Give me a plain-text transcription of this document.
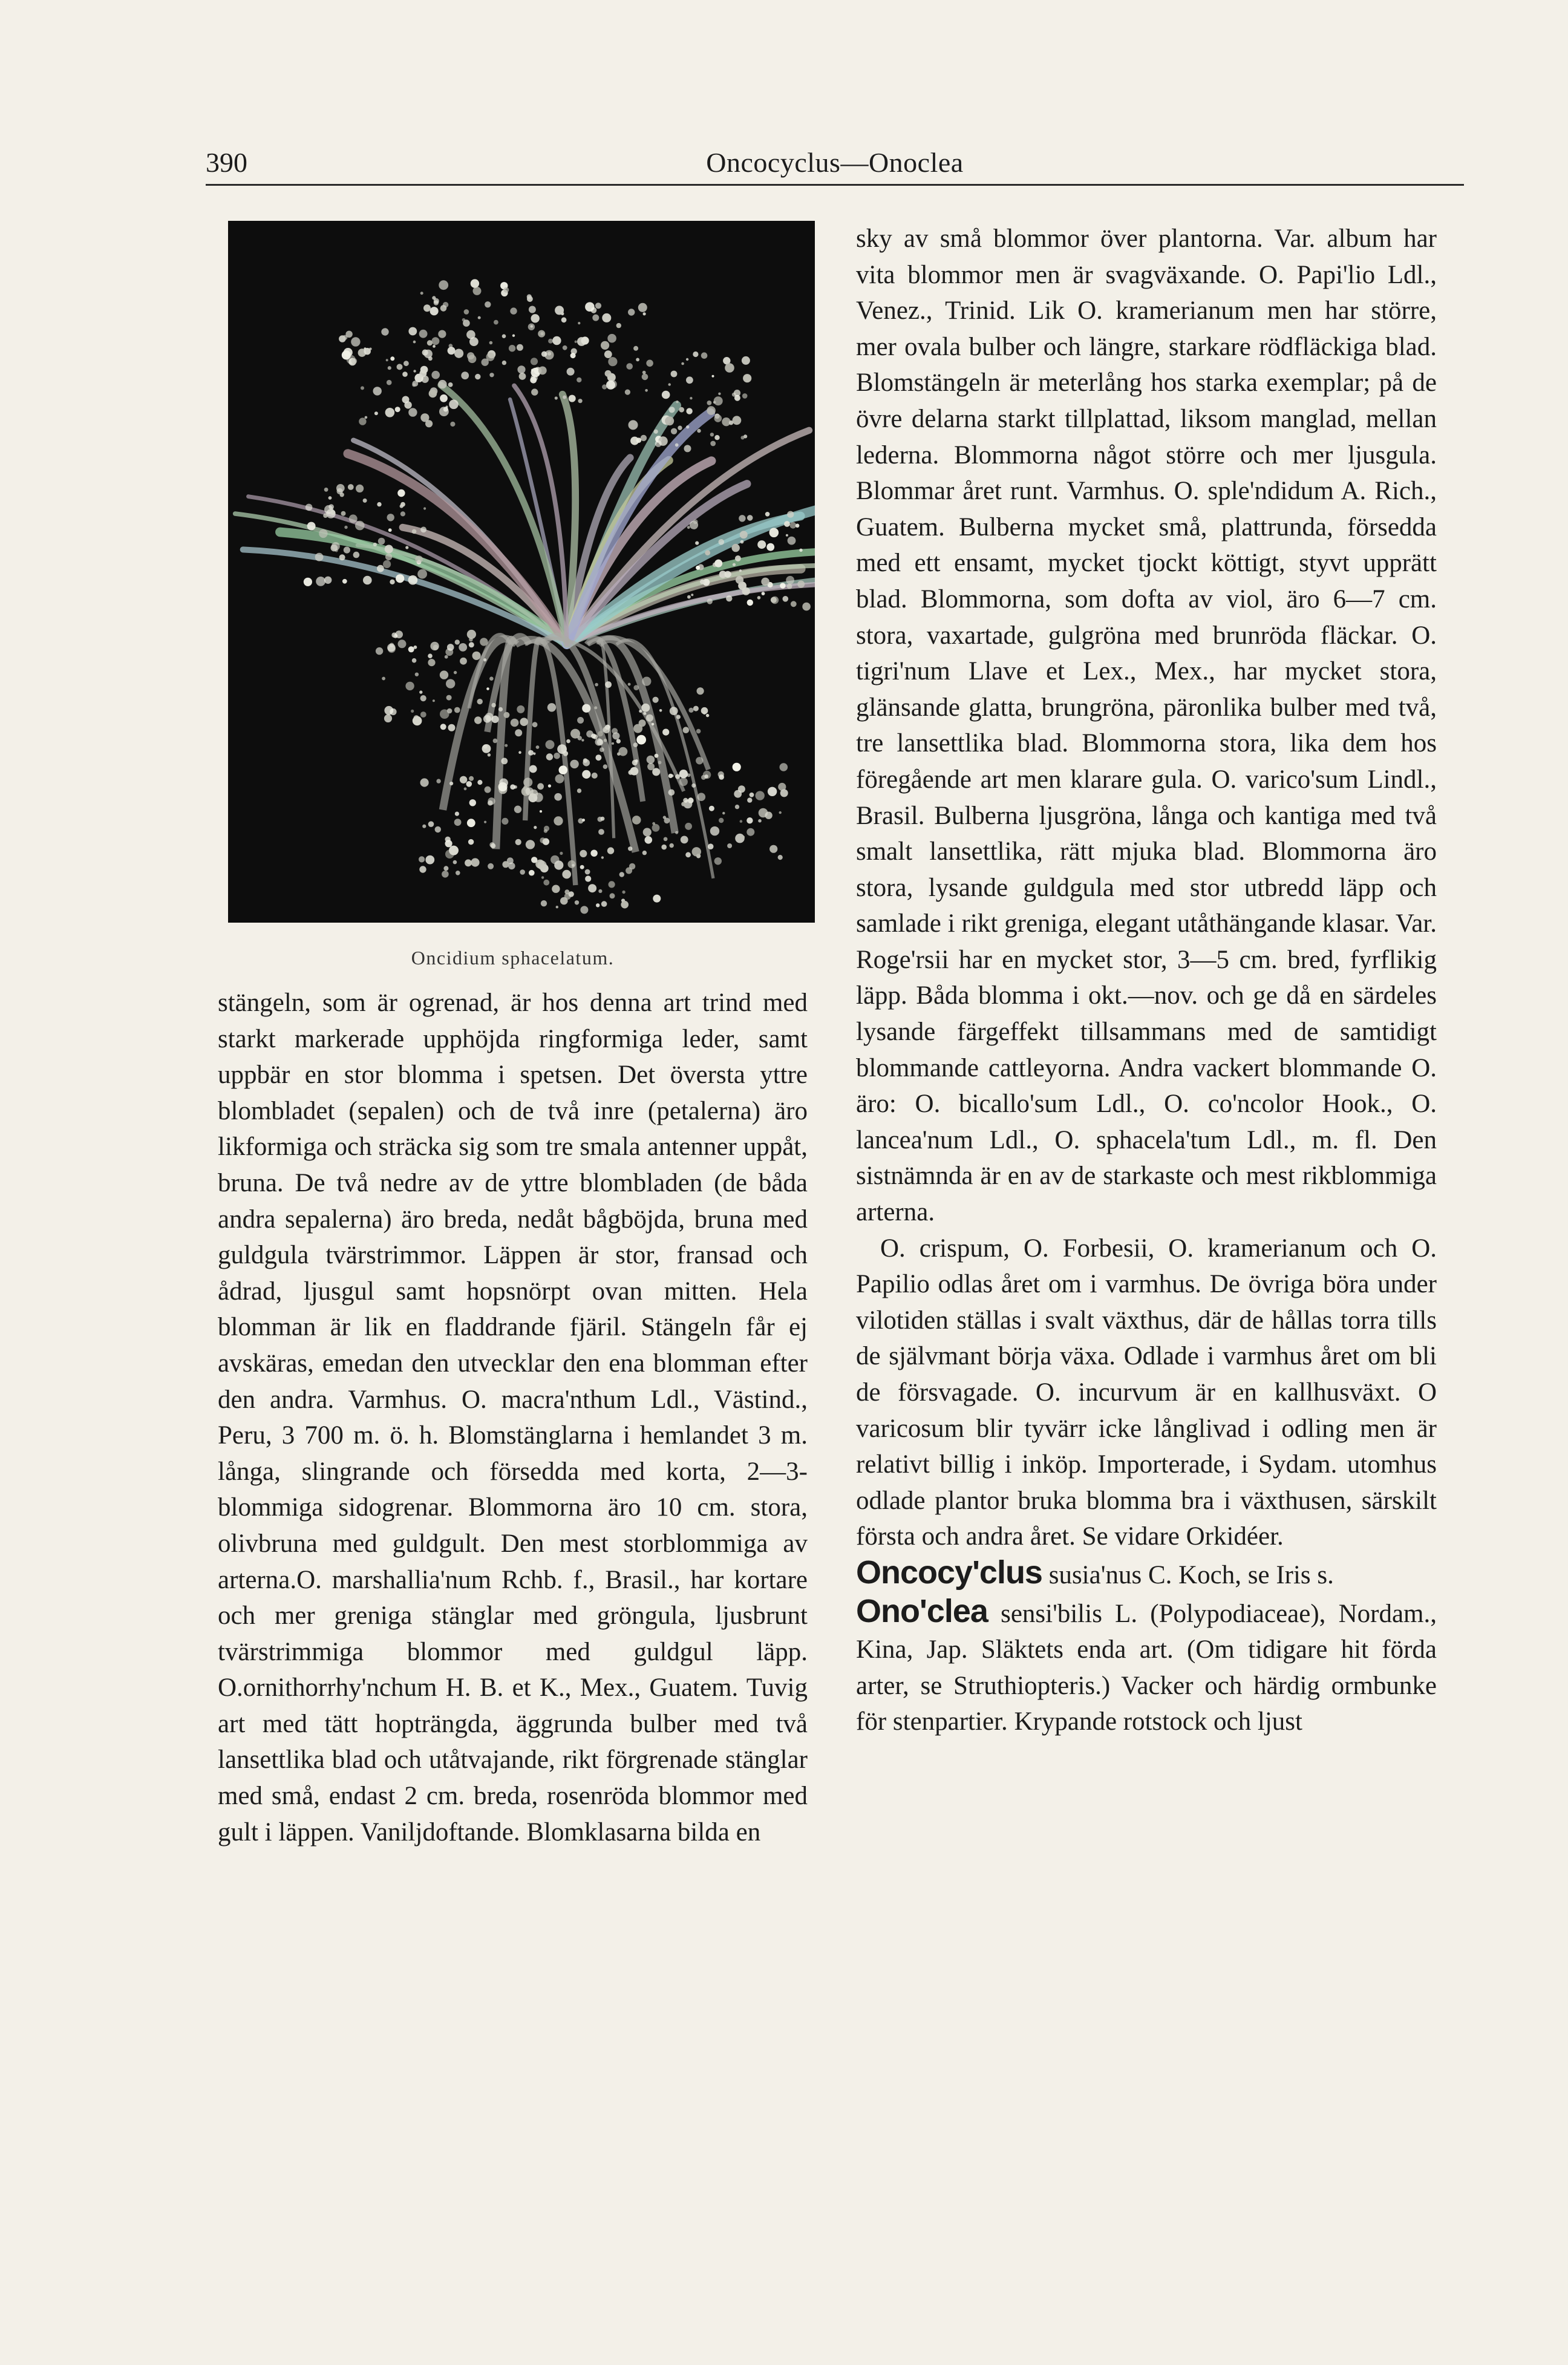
390	Oncocyclus—Onoclea
Oncidium sphacelatum.

stängeln, som är ogrenad, är hos denna art trind med starkt markerade upphöjda ringformiga leder, samt uppbär en stor blomma i spetsen. Det översta yttre blombladet (sepalen) och de två inre (petalerna) äro likformiga och sträcka sig som tre smala antenner uppåt, bruna. De två nedre av de yttre blombladen (de båda andra sepalerna) äro breda, nedåt bågböjda, bruna med guldgula tvärstrimmor. Läppen är stor, fransad och ådrad, ljusgul samt hopsnörpt ovan mitten. Hela blomman är lik en fladdrande fjäril. Stängeln får ej avskäras, emedan den utvecklar den ena blomman efter den andra. Varmhus. O. macra'nthum Ldl., Västind., Peru, 3 700 m. ö. h. Blomstänglarna i hemlandet 3 m. långa, slingrande och försedda med korta, 2—3-blommiga sidogrenar. Blommorna äro 10 cm. stora, olivbruna med guldgult. Den mest storblommiga av arterna.O. marshallia'num Rchb. f., Brasil., har kortare och mer greniga stänglar med gröngula, ljusbrunt tvärstrimmiga blommor med guldgul läpp. O.ornithorrhy'nchum H. B. et K., Mex., Guatem. Tuvig art med tätt hopträngda, äggrunda bulber med två lansettlika blad och utåtvajande, rikt förgrenade stänglar med små, endast 2 cm. breda, rosenröda blommor med gult i läppen. Vaniljdoftande. Blomklasarna bilda en

sky av små blommor över plantorna. Var. album har vita blommor men är svagväxande. O. Papi'lio Ldl., Venez., Trinid. Lik O. kramerianum men har större, mer ovala bulber och längre, starkare rödfläckiga blad. Blomstängeln är meterlång hos starka exemplar; på de övre delarna starkt tillplattad, liksom manglad, mellan lederna. Blommorna något större och mer ljusgula. Blommar året runt. Varmhus. O. sple'ndidum A. Rich., Guatem. Bulberna mycket små, plattrunda, försedda med ett ensamt, mycket tjockt köttigt, styvt upprätt blad. Blommorna, som dofta av viol, äro 6—7 cm. stora, vaxartade, gulgröna med brunröda fläckar. O. tigri'num Llave et Lex., Mex., har mycket stora, glänsande glatta, brungröna, päronlika bulber med två, tre lansettlika blad. Blommorna stora, lika dem hos föregående art men klarare gula. O. varico'sum Lindl., Brasil. Bulberna ljusgröna, långa och kantiga med två smalt lansettlika, rätt mjuka blad. Blommorna äro stora, lysande guldgula med stor utbredd läpp och samlade i rikt greniga, elegant utåthängande klasar. Var. Roge'rsii har en mycket stor, 3—5 cm. bred, fyrflikig läpp. Båda blomma i okt.—nov. och ge då en särdeles lysande färgeffekt tillsammans med de samtidigt blommande cattleyorna. Andra vackert blommande O. äro: O. bicallo'sum Ldl., O. co'ncolor Hook., O. lancea'num Ldl., O. sphacela'tum Ldl., m. fl. Den sistnämnda är en av de starkaste och mest rikblommiga arterna.

O. crispum, O. Forbesii, O. kramerianum och O. Papilio odlas året om i varmhus. De övriga böra under vilotiden ställas i svalt växthus, där de hållas torra tills de självmant börja växa. Odlade i varmhus året om bli de försvagade. O. incurvum är en kallhusväxt. O varicosum blir tyvärr icke långlivad i odling men är relativt billig i inköp. Importerade, i Sydam. utomhus odlade plantor bruka blomma bra i växthusen, särskilt första och andra året. Se vidare Orkidéer.

Oncocy'clus susia'nus C. Koch, se Iris s.

Ono'clea sensi'bilis L. (Polypodiaceae), Nordam., Kina, Jap. Släktets enda art. (Om tidigare hit förda arter, se Struthiopteris.) Vacker och härdig ormbunke för stenpartier. Krypande rotstock och ljust
